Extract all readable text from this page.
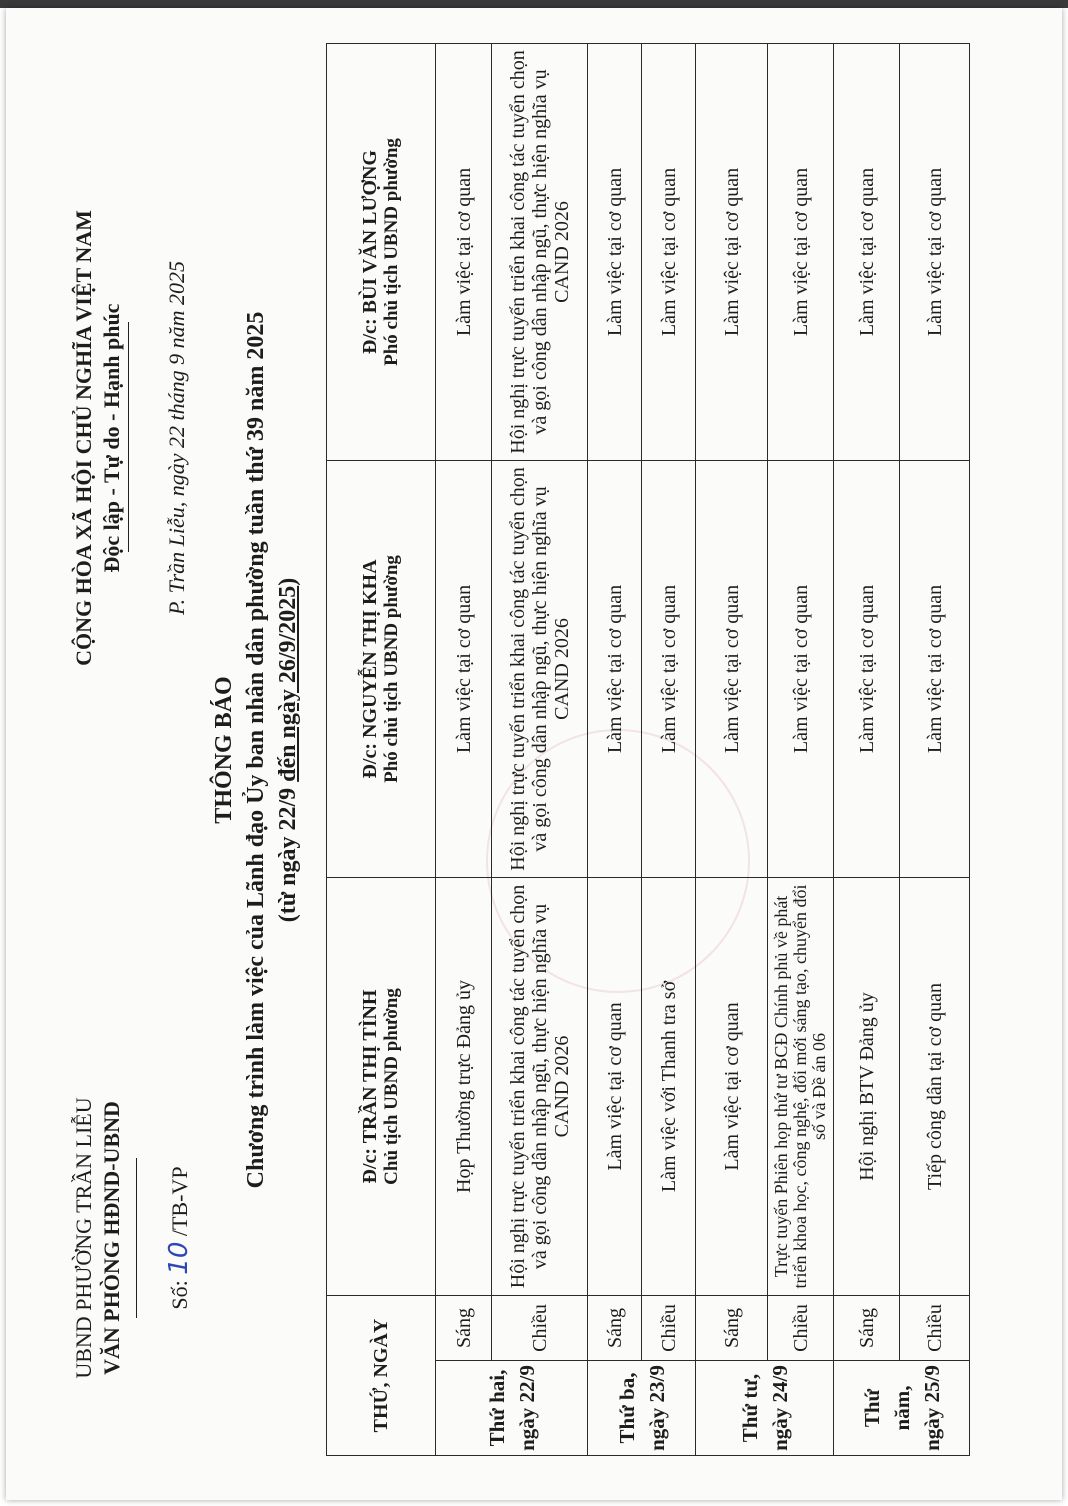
UBND PHƯỜNG TRẦN LIỄU VĂN PHÒNG HĐND-UBND Số: 10 /TB-VP
CỘNG HÒA XÃ HỘI CHỦ NGHĨA VIỆT NAM Độc lập - Tự do - Hạnh phúc P. Trần Liễu, ngày 22 tháng 9 năm 2025
THÔNG BÁO Chương trình làm việc của Lãnh đạo Ủy ban nhân dân phường tuần thứ 39 năm 2025 (từ ngày 22/9 đến ngày 26/9/2025)
THỨ, NGÀY		Đ/c: TRẦN THỊ TÌNH Chủ tịch UBND phường	Đ/c: NGUYỄN THỊ KHA Phó chủ tịch UBND phường	Đ/c: BÙI VĂN LƯỢNG Phó chủ tịch UBND phường

Thứ hai, ngày 22/9	Sáng	Họp Thường trực Đảng ủy	Làm việc tại cơ quan	Làm việc tại cơ quan
	Chiều	Hội nghị trực tuyến triển khai công tác tuyển chọn và gọi công dân nhập ngũ, thực hiện nghĩa vụ CAND 2026	Hội nghị trực tuyến triển khai công tác tuyển chọn và gọi công dân nhập ngũ, thực hiện nghĩa vụ CAND 2026	Hội nghị trực tuyến triển khai công tác tuyển chọn và gọi công dân nhập ngũ, thực hiện nghĩa vụ CAND 2026

Thứ ba, ngày 23/9	Sáng	Làm việc tại cơ quan	Làm việc tại cơ quan	Làm việc tại cơ quan
	Chiều	Làm việc với Thanh tra sở	Làm việc tại cơ quan	Làm việc tại cơ quan

Thứ tư, ngày 24/9	Sáng	Làm việc tại cơ quan	Làm việc tại cơ quan	Làm việc tại cơ quan
	Chiều	Trực tuyến Phiên họp thứ tư BCĐ Chính phủ về phát triển khoa học, công nghệ, đổi mới sáng tạo, chuyển đổi số và Đề án 06	Làm việc tại cơ quan	Làm việc tại cơ quan

Thứ năm, ngày 25/9	Sáng	Hội nghị BTV Đảng ủy	Làm việc tại cơ quan	Làm việc tại cơ quan
	Chiều	Tiếp công dân tại cơ quan	Làm việc tại cơ quan	Làm việc tại cơ quan
